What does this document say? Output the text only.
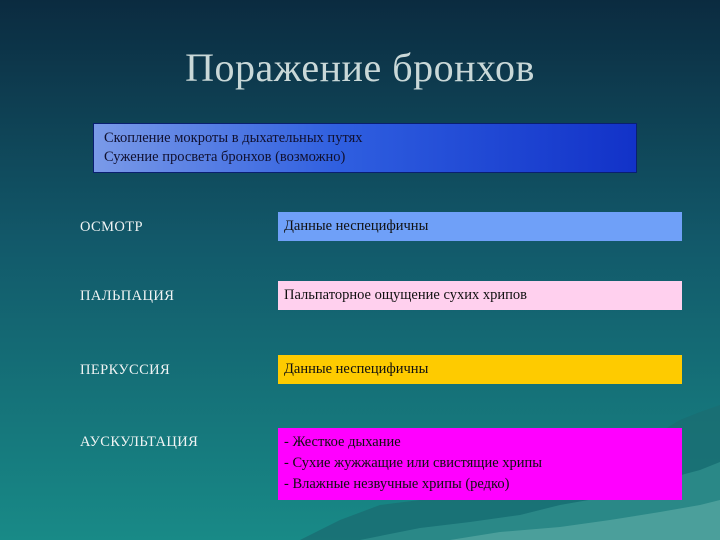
Поражение бронхов
Скопление мокроты в дыхательных путях
Сужение просвета бронхов (возможно)
ОСМОТР	Данные неспецифичны
ПАЛЬПАЦИЯ	Пальпаторное ощущение сухих хрипов
ПЕРКУССИЯ	Данные неспецифичны
АУСКУЛЬТАЦИЯ	- Жесткое дыхание
- Сухие жужжащие или свистящие хрипы
- Влажные незвучные хрипы (редко)
